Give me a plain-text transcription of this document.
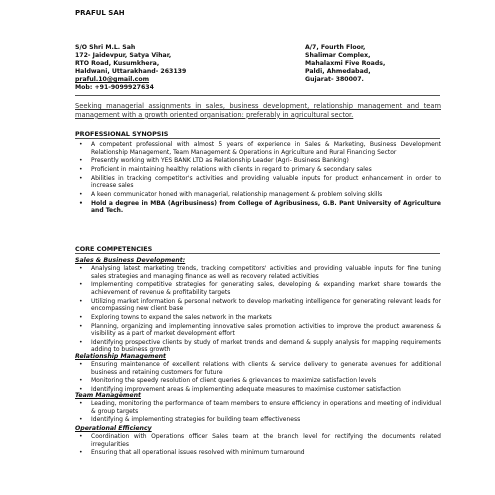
PRAFUL SAH
S/O Shri M.L. Sah
172- Jaidevpur, Satya Vihar,
RTO Road, Kusumkhera,
Haldwani, Uttarakhand- 263139
praful.10@gmail.com
Mob: +91-9099927634
A/7, Fourth Floor,
Shalimar Complex,
Mahalaxmi Five Roads,
Paldi, Ahmedabad,
Gujarat- 380007.
Seeking managerial assignments in sales, business development, relationship management and team management with a growth oriented organisation: preferably in agricultural sector.
PROFESSIONAL SYNOPSIS
• A competent professional with almost 5 years of experience in Sales & Marketing, Business Development Relationship Management, Team Management & Operations in Agriculture and Rural Financing Sector
• Presently working with YES BANK LTD as Relationship Leader (Agri- Business Banking)
• Proficient in maintaining healthy relations with clients in regard to primary & secondary sales
• Abilities in tracking competitor's activities and providing valuable inputs for product enhancement in order to increase sales
• A keen communicator honed with managerial, relationship management & problem solving skills
• Hold a degree in MBA (Agribusiness) from College of Agribusiness, G.B. Pant University of Agriculture and Tech.
CORE COMPETENCIES
Sales & Business Development:
• Analysing latest marketing trends, tracking competitors' activities and providing valuable inputs for fine tuning sales strategies and managing finance as well as recovery related activities
• Implementing competitive strategies for generating sales, developing & expanding market share towards the achievement of revenue & profitability targets
• Utilizing market information & personal network to develop marketing intelligence for generating relevant leads for encompassing new client base
• Exploring towns to expand the sales network in the markets
• Planning, organizing and implementing innovative sales promotion activities to improve the product awareness & visibility as a part of market development effort
• Identifying prospective clients by study of market trends and demand & supply analysis for mapping requirements adding to business growth
Relationship Management
• Ensuring maintenance of excellent relations with clients & service delivery to generate avenues for additional business and retaining customers for future
• Monitoring the speedy resolution of client queries & grievances to maximize satisfaction levels
• Identifying improvement areas & implementing adequate measures to maximise customer satisfaction
Team Management
• Leading, monitoring the performance of team members to ensure efficiency in operations and meeting of individual & group targets
• Identifying & implementing strategies for building team effectiveness
Operational Efficiency
• Coordination with Operations officer Sales team at the branch level for rectifying the documents related irregularities
• Ensuring that all operational issues resolved with minimum turnaround
